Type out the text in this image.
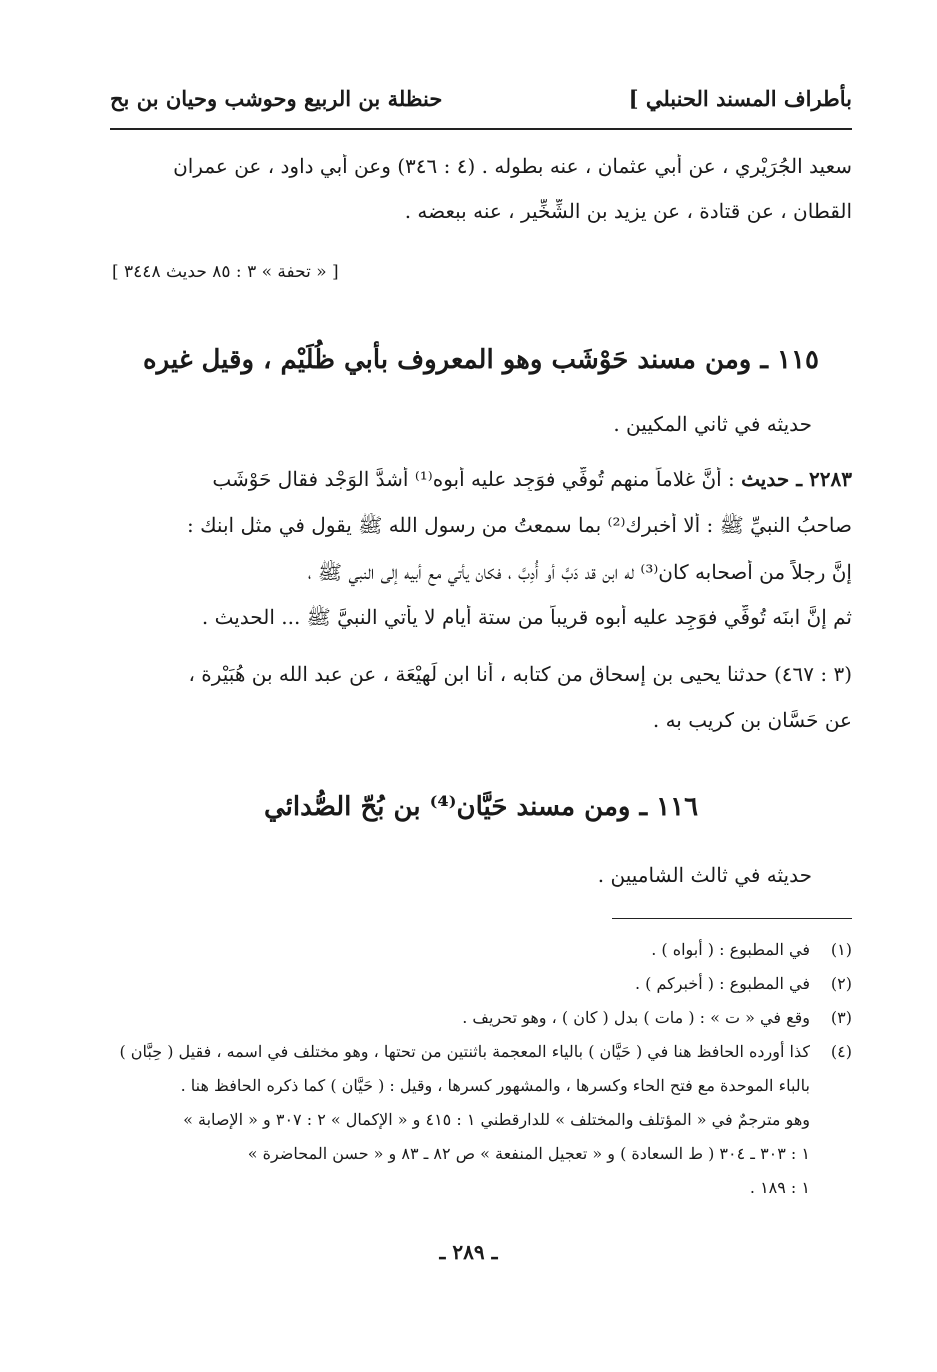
بأطراف المسند الحنبلي ]
حنظلة بن الربيع وحوشب وحيان بن بح
سعيد الجُرَيْري ، عن أبي عثمان ، عنه بطوله . (٤ : ٣٤٦) وعن أبي داود ، عن عمران
القطان ، عن قتادة ، عن يزيد بن الشِّخِّير ، عنه ببعضه .
[ « تحفة » ٣ : ٨٥ حديث ٣٤٤٨ ]
١١٥ ـ ومن مسند حَوْشَب وهو المعروف بأبي ظُلَيْم ، وقيل غيره
حديثه في ثاني المكيين .
٢٢٨٣ ـ حديث : أنَّ غلاماً منهم تُوفِّي فوَجِد عليه أبوه⁽¹⁾ أشدَّ الوَجْد فقال حَوْشَب
صاحبُ النبيِّ ﷺ : ألا أُخبرك⁽²⁾ بما سمعتُ من رسول الله ﷺ يقول في مثل ابنك :
إنَّ رجلاً من أصحابه كان⁽³⁾ له ابن قد دَبَّ أو أُدِبَّ ، فكان يأتي مع أبيه إلى النبي ﷺ ،
ثم إنَّ ابنَه تُوفِّي فوَجِد عليه أبوه قريباً من ستة أيام لا يأتي النبيَّ ﷺ ... الحديث .
(٣ : ٤٦٧) حدثنا يحيى بن إسحاق من كتابه ، أنا ابن لَهِيْعَة ، عن عبد الله بن هُبَيْرة ،
عن حَسَّان بن كريب به .
١١٦ ـ ومن مسند حَيَّان⁽⁴⁾ بن بُحّ الصُّدائي
حديثه في ثالث الشاميين .
(١)
في المطبوع : ( أبواه ) .
(٢)
في المطبوع : ( أخبركم ) .
(٣)
وقع في « ت » : ( مات ) بدل ( كان ) ، وهو تحريف .
(٤)
كذا أورده الحافظ هنا في ( حَيَّان ) بالياء المعجمة باثنتين من تحتها ، وهو مختلف في اسمه ، فقيل ( حِبَّان )
بالباء الموحدة مع فتح الحاء وكسرها ، والمشهور كسرها ، وقيل : ( حَيَّان ) كما ذكره الحافظ هنا .
وهو مترجمٌ في « المؤتلف والمختلف » للدارقطني ١ : ٤١٥ و « الإكمال » ٢ : ٣٠٧ و « الإصابة »
١ : ٣٠٣ ـ ٣٠٤ ( ط السعادة ) و « تعجيل المنفعة » ص ٨٢ ـ ٨٣ و « حسن المحاضرة »
١ : ١٨٩ .
ـ ٢٨٩ ـ
